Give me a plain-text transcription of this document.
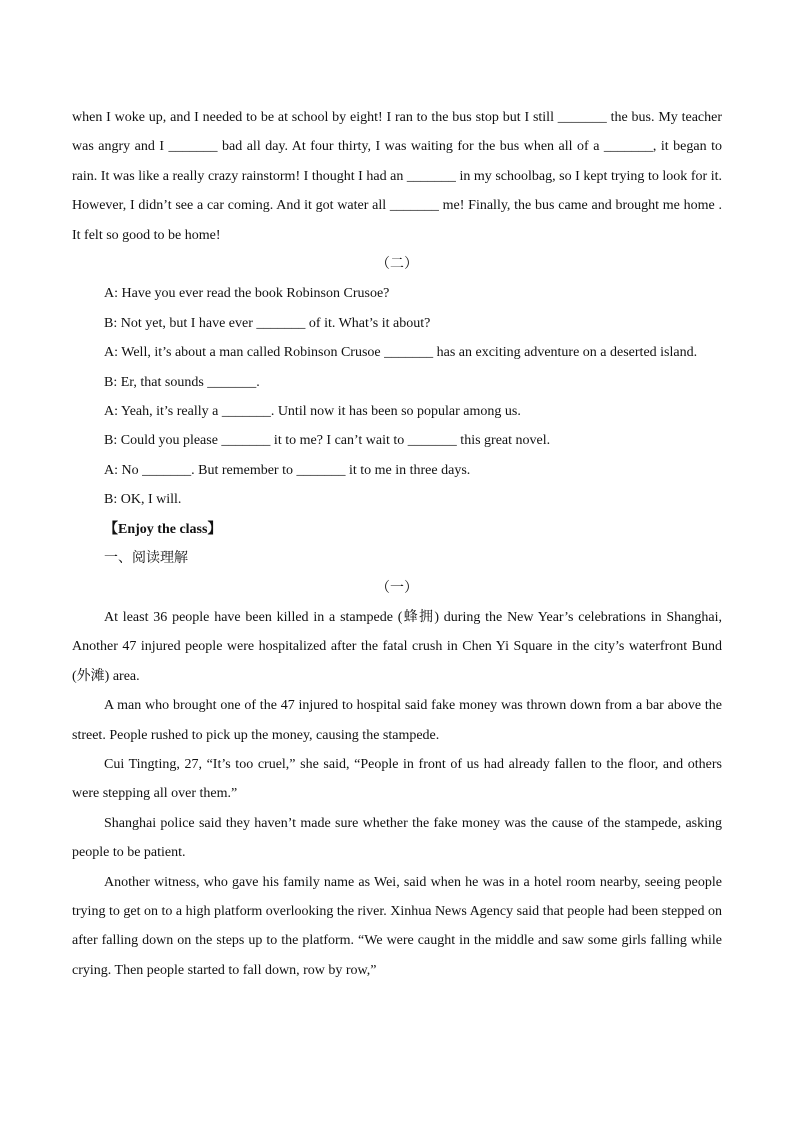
when I woke up, and I needed to be at school by eight! I ran to the bus stop but I still _______ the bus. My teacher was angry and I _______ bad all day. At four thirty, I was waiting for the bus when all of a _______, it began to rain. It was like a really crazy rainstorm! I thought I had an _______ in my schoolbag, so I kept trying to look for it. However, I didn’t see a car coming. And it got water all _______ me! Finally, the bus came and brought me home . It felt so good to be home!

（二）

A: Have you ever read the book Robinson Crusoe?

B: Not yet, but I have ever _______ of it. What’s it about?

A: Well, it’s about a man called Robinson Crusoe _______ has an exciting adventure on a deserted island.

B: Er, that sounds _______.

A: Yeah, it’s really a _______. Until now it has been so popular among us.

B: Could you please _______ it to me? I can’t wait to _______ this great novel.

A: No _______. But remember to _______ it to me in three days.

B: OK, I will.

【Enjoy the class】

一、阅读理解

（一）

At least 36 people have been killed in a stampede (蜂拥) during the New Year’s celebrations in Shanghai, Another 47 injured people were hospitalized after the fatal crush in Chen Yi Square in the city’s waterfront Bund (外滩) area.

A man who brought one of the 47 injured to hospital said fake money was thrown down from a bar above the street. People rushed to pick up the money, causing the stampede.

Cui Tingting, 27, “It’s too cruel,” she said, “People in front of us had already fallen to the floor, and others were stepping all over them.”

Shanghai police said they haven’t made sure whether the fake money was the cause of the stampede, asking people to be patient.

Another witness, who gave his family name as Wei, said when he was in a hotel room nearby, seeing people trying to get on to a high platform overlooking the river. Xinhua News Agency said that people had been stepped on after falling down on the steps up to the platform. “We were caught in the middle and saw some girls falling while crying. Then people started to fall down, row by row,”
